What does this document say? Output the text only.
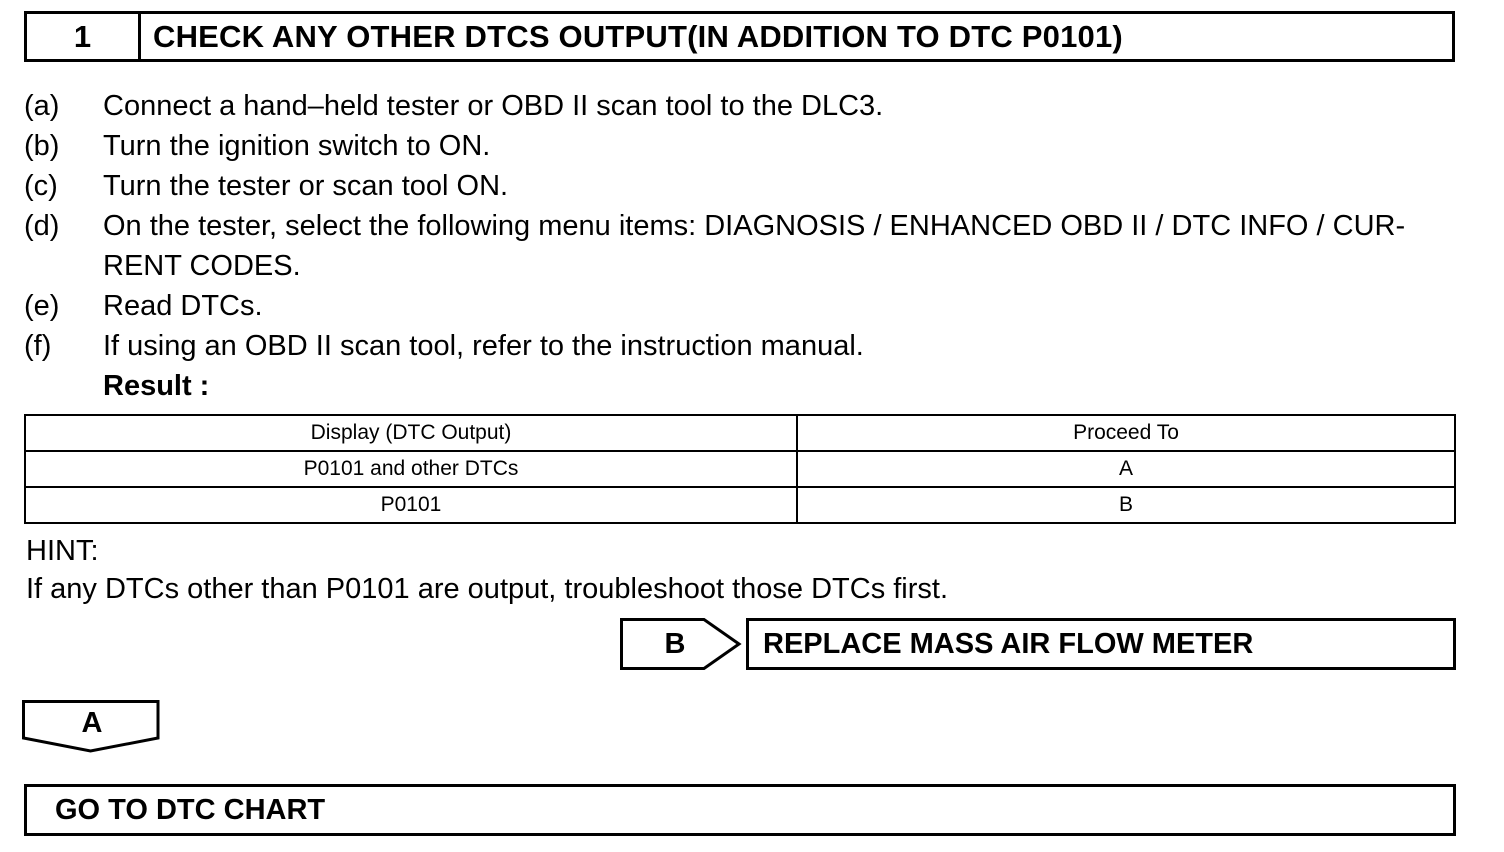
1	CHECK ANY OTHER DTCS OUTPUT(IN ADDITION TO DTC P0101)
(a)	Connect a hand–held tester or OBD II scan tool to the DLC3.
(b)	Turn the ignition switch to ON.
(c)	Turn the tester or scan tool ON.
(d)	On the tester, select the following menu items: DIAGNOSIS / ENHANCED OBD II / DTC INFO / CUR-RENT CODES.
(e)	Read DTCs.
(f)	If using an OBD II scan tool, refer to the instruction manual.
Result :
Display (DTC Output)	Proceed To
P0101 and other DTCs	A
P0101	B
HINT:
If any DTCs other than P0101 are output, troubleshoot those DTCs first.
B	REPLACE MASS AIR FLOW METER
A
GO TO DTC CHART
